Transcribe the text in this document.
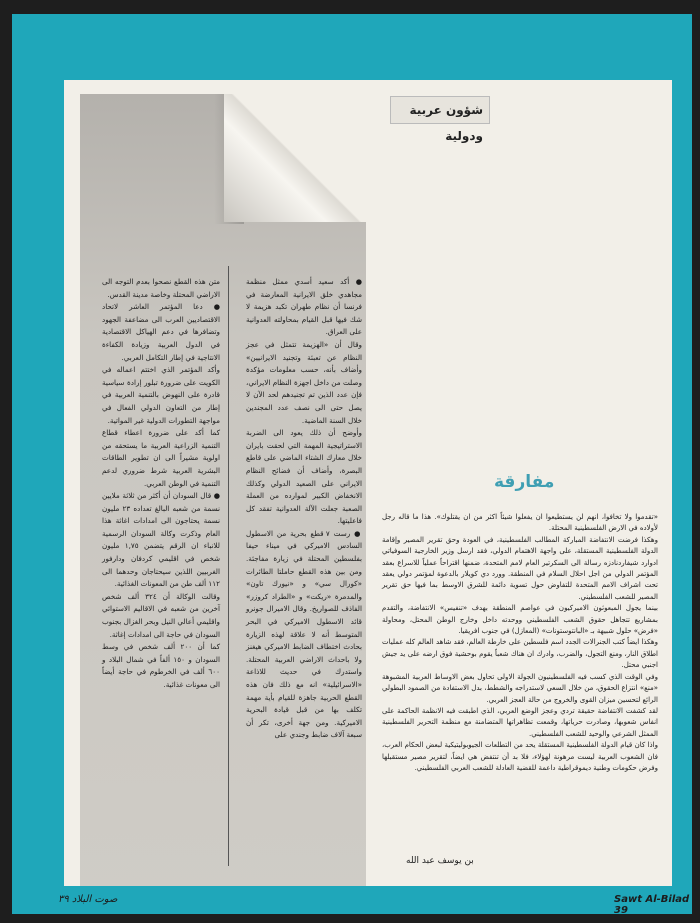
شؤون عربية ودولية

● أكد سعيد أسدي ممثل منظمة مجاهدي خلق الايرانية المعارضة في فرنسا أن نظام طهران تكبد هزيمة لا شك فيها قبل القيام بمحاولته العدوانية على العراق.

وقال أن «الهزيمة تتمثل في عجز النظام عن تعبئة وتجنيد الايرانيين» وأضاف بأنه، حسب معلومات مؤكدة وصلت من داخل اجهزة النظام الايراني، فإن عدد الذين تم تجنيدهم لحد الآن لا يصل حتى الى نصف عدد المجندين خلال السنة الماضية.

وأوضح أن ذلك يعود الى الضربة الاستراتيجية المهمة التي لحقت بايران خلال معارك الشتاء الماضي على قاطع البصرة، وأضاف أن فضائح النظام الايراني على الصعيد الدولي وكذلك الانخفاض الكبير لموارده من العملة الصعبة جعلت الآلة العدوانية تفقد كل فاعليتها.

● رست ٧ قطع بحرية من الاسطول السادس الاميركي في ميناء حيفا بفلسطين المحتلة في زيارة مفاجئة. ومن بين هذه القطع حاملتا الطائرات «كورال سي» و «نيورك تاون» والمدمرة «ريكت» و «الطراد كروزر» الفاذف للصواريخ. وقال الاميرال جونرو قائد الاسطول الاميركي في البحر المتوسط أنه لا علاقة لهذه الزيارة بحادث اختطاف الضابط الاميركي هيغنز ولا باحداث الاراضي العربية المحتلة. واستدرك في حديث للاذاعة «الاسرائيلية» انه مع ذلك فان هذه القطع الحربية جاهزة للقيام بأية مهمة تكلف بها من قبل قيادة البحرية الاميركية. ومن جهة أخرى، تكر أن سبعة آلاف ضابط وجندي على

متن هذه القطع نصحوا بعدم التوجه الى الاراضي المحتلة وخاصة مدينة القدس.

● دعا المؤتمر العاشر لاتحاد الاقتصاديين العرب الى مضاعفة الجهود وتضافرها في دعم الهياكل الاقتصادية في الدول العربية وزيادة الكفاءة الانتاجية في إطار التكامل العربي.

وأكد المؤتمر الذي اختتم اعماله في الكويت على ضرورة تبلور إرادة سياسية قادرة على النهوض بالتنمية العربية في إطار من التعاون الدولي الفعال في مواجهة التطورات الدولية غير المواتية.

كما أكد على ضرورة اعطاء قطاع التنمية الزراعية العربية ما يستحقه من اولوية مشيراً الى ان تطوير الطاقات البشرية العربية شرط ضروري لدعم التنمية في الوطن العربي.

● قال السودان أن أكثر من ثلاثة ملايين نسمة من شعبه البالغ تعداده ٢٣ مليون نسمة يحتاجون الى امدادات اغاثة هذا العام وذكرت وكالة السودان الرسمية للانباء ان الرقم يتضمن ١,٧٥ مليون شخص في اقليمي كردفان ودارفور الغربيين اللذين سيحتاجان وحدهما الى ١١٢ ألف طن من المعونات الغذائية.

وقالت الوكالة أن ٣٢٤ ألف شخص آخرين من شعبه في الاقاليم الاستوائي واقليمي أعالي النيل وبحر الغزال بجنوب السودان في حاجة الى امدادات إغاثة.

كما أن ٢٠٠ ألف شخص في وسط السودان و ١٥٠ ألفاً في شمال البلاد و ٦٠٠ ألف في الخرطوم في حاجة أيضاً الى معونات غذائية.

مفارقة

«تقدموا ولا تخافوا، انهم لن يستطيعوا ان يفعلوا شيئاً اكثر من ان يقتلوك». هذا ما قاله رجل لأولاده في الارض الفلسطينية المحتلة.

وهكذا فرضت الانتفاضة المباركة المطالب الفلسطينية، في العودة وحق تقرير المصير وإقامة الدولة الفلسطينية المستقلة، على واجهة الاهتمام الدولي، فقد ارسل وزير الخارجية السوفياتي ادوارد شيفاردنادزه رسالة الى السكرتير العام لامم المتحدة، ضمنها اقتراحاً عملياً للاسراع بعقد المؤتمر الدولي من اجل احلال السلام في المنطقة. وورد دي كويلار بالدعوة لمؤتمر دولي يعقد تحت اشراف الامم المتحدة للتفاوض حول تسوية دائمة للشرق الاوسط بما فيها حق تقرير المصير للشعب الفلسطيني.

بينما يجول المبعوثون الاميركيون في عواصم المنطقة بهدف «تنفيس» الانتفاضة، والتقدم بمشاريع تتجاهل حقوق الشعب الفلسطيني ووحدته داخل وخارج الوطن المحتل، ومحاولة «فرض» حلول شبيهة بـ «البانتوستونات» (المعازل) في جنوب افريقيا.

وهكذا ايضاً كتب الجنرالات الجدد اسم فلسطين على خارطة العالم، فقد شاهد العالم كله عمليات اطلاق النار، ومنع التجول، والضرب، وادرك ان هناك شعباً يقوم بوحشية فوق ارضه على يد جيش اجنبي محتل.

وفي الوقت الذي كسب فيه الفلسطينيون الجولة الاولى تحاول بعض الاوساط العربية المشبوهة «منع» انتزاع الحقوق، من خلال السعي لاستدراجه والشطط، بدل الاستفادة من الصمود البطولي الرائع لتحسين ميزان القوى والخروج من حالة العجز العربي.

لقد كشفت الانتفاضة حقيقة تردي وعجز الوضع العربي، الذي اطبقت فيه الانظمة الحاكمة على انفاس شعوبها، وصادرت حرياتها، وقمعت تظاهراتها المتضامنة مع منظمة التحرير الفلسطينية الممثل الشرعي والوحيد للشعب الفلسطيني.

واذا كان قيام الدولة الفلسطينية المستقلة يحد من التطلعات الجيوبوليتيكية لبعض الحكام العرب، فان الشعوب العربية ليست مرهونة لهؤلاء، فلا بد أن تنتفض هي ايضاً، لتقرير مصير مستقبلها وفرض حكومات وطنية ديموقراطية داعمة للقضية العادلة للشعب العربي الفلسطيني.

بن يوسف عبد الله
صوت البلاد ٣٩	Sawt Al-Bilad 39
